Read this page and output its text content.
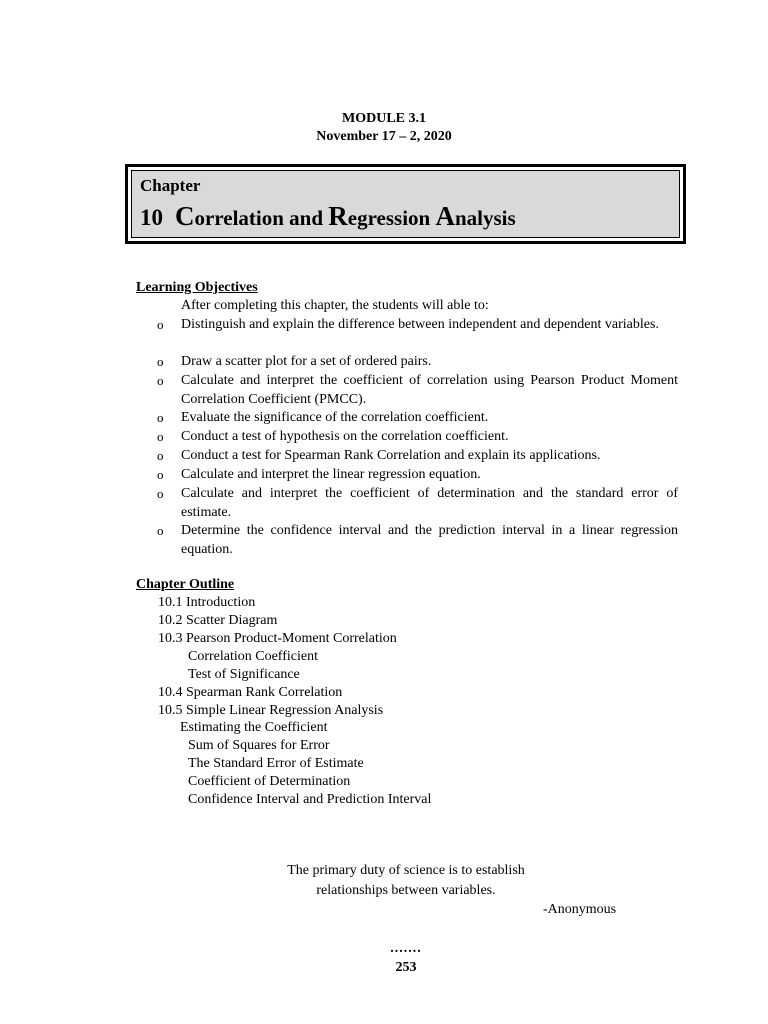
MODULE 3.1
November 17 – 2, 2020
Chapter
10 Correlation and Regression Analysis
Learning Objectives
After completing this chapter, the students will able to:
o Distinguish and explain the difference between independent and dependent variables.
o Draw a scatter plot for a set of ordered pairs.
o Calculate and interpret the coefficient of correlation using Pearson Product Moment Correlation Coefficient (PMCC).
o Evaluate the significance of the correlation coefficient.
o Conduct a test of hypothesis on the correlation coefficient.
o Conduct a test for Spearman Rank Correlation and explain its applications.
o Calculate and interpret the linear regression equation.
o Calculate and interpret the coefficient of determination and the standard error of estimate.
o Determine the confidence interval and the prediction interval in a linear regression equation.
Chapter Outline
10.1 Introduction
10.2 Scatter Diagram
10.3 Pearson Product-Moment Correlation
Correlation Coefficient
Test of Significance
10.4 Spearman Rank Correlation
10.5 Simple Linear Regression Analysis
Estimating the Coefficient
Sum of Squares for Error
The Standard Error of Estimate
Coefficient of Determination
Confidence Interval and Prediction Interval
The primary duty of science is to establish
relationships between variables.
-Anonymous
.......
253
